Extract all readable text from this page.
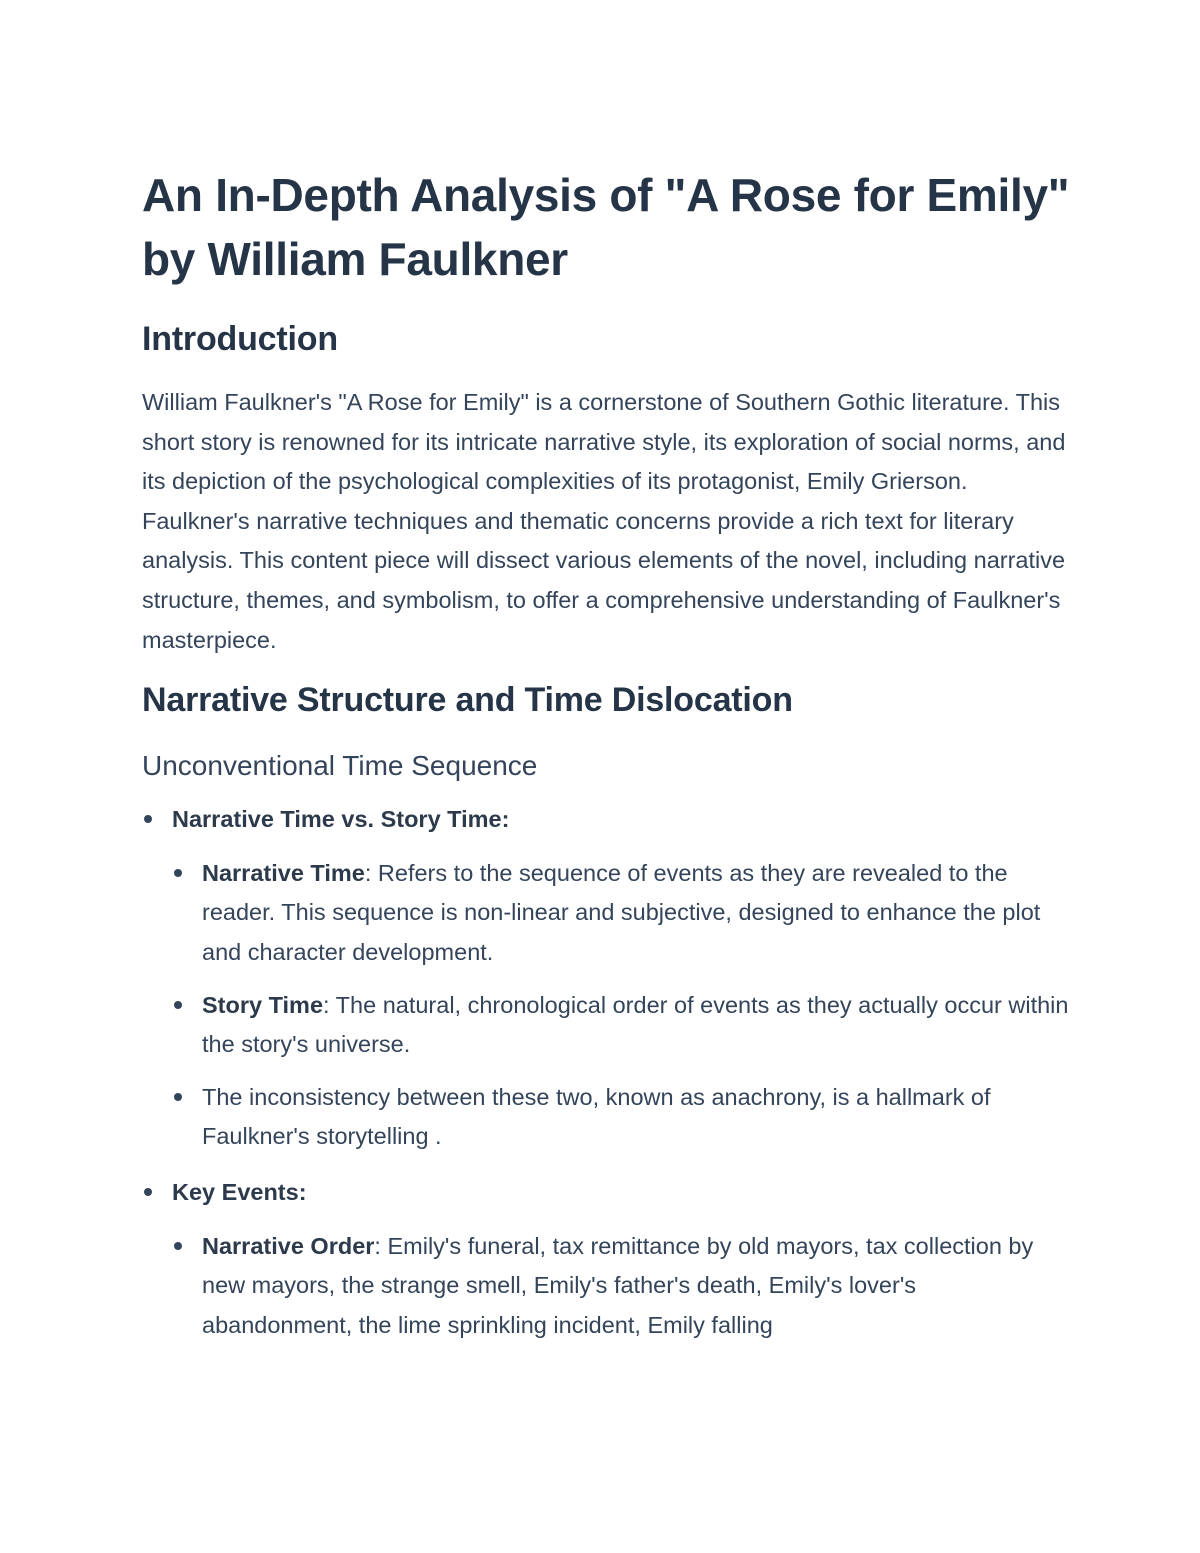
An In-Depth Analysis of "A Rose for Emily" by William Faulkner
Introduction

William Faulkner's "A Rose for Emily" is a cornerstone of Southern Gothic literature. This short story is renowned for its intricate narrative style, its exploration of social norms, and its depiction of the psychological complexities of its protagonist, Emily Grierson. Faulkner's narrative techniques and thematic concerns provide a rich text for literary analysis. This content piece will dissect various elements of the novel, including narrative structure, themes, and symbolism, to offer a comprehensive understanding of Faulkner's masterpiece.

Narrative Structure and Time Dislocation
Unconventional Time Sequence
Narrative Time vs. Story Time:
Narrative Time: Refers to the sequence of events as they are revealed to the reader. This sequence is non-linear and subjective, designed to enhance the plot and character development.
Story Time: The natural, chronological order of events as they actually occur within the story's universe.
The inconsistency between these two, known as anachrony, is a hallmark of Faulkner's storytelling .
Key Events:
Narrative Order: Emily's funeral, tax remittance by old mayors, tax collection by new mayors, the strange smell, Emily's father's death, Emily's lover's abandonment, the lime sprinkling incident, Emily falling
